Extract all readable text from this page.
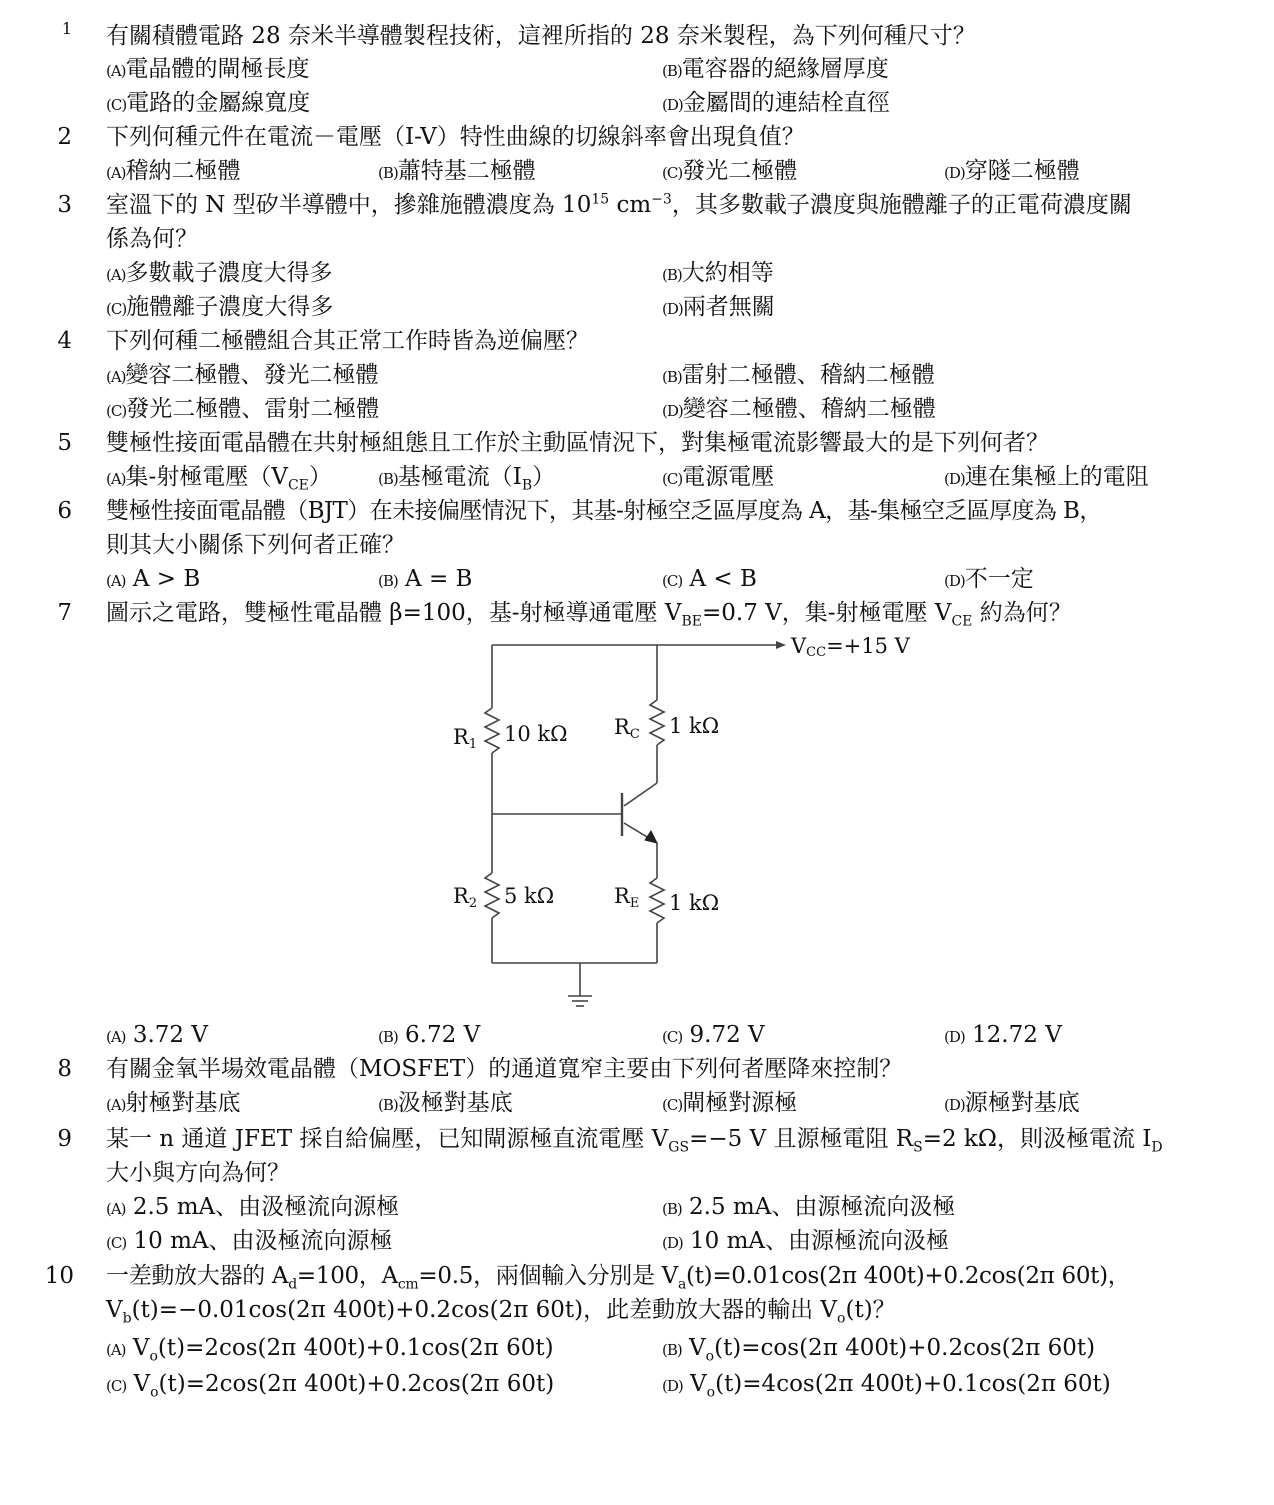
1 有關積體電路 28 奈米半導體製程技術，這裡所指的 28 奈米製程，為下列何種尺寸？
(A)電晶體的閘極長度	(B)電容器的絕緣層厚度
(C)電路的金屬線寬度	(D)金屬間的連結栓直徑
2 下列何種元件在電流－電壓（I-V）特性曲線的切線斜率會出現負值？
(A)稽納二極體	(B)蕭特基二極體	(C)發光二極體	(D)穿隧二極體
3 室溫下的 N 型矽半導體中，摻雜施體濃度為 $10^{15}$ $cm^{-3}$，其多數載子濃度與施體離子的正電荷濃度關
係為何？
(A)多數載子濃度大得多	(B)大約相等
(C)施體離子濃度大得多	(D)兩者無關
4 下列何種二極體組合其正常工作時皆為逆偏壓？
(A)變容二極體、發光二極體	(B)雷射二極體、稽納二極體
(C)發光二極體、雷射二極體	(D)變容二極體、稽納二極體
5 雙極性接面電晶體在共射極組態且工作於主動區情況下，對集極電流影響最大的是下列何者？
(A)集-射極電壓$(V_{CE})$	(B)基極電流$(I_B)$	(C)電源電壓	(D)連在集極上的電阻
6 雙極性接面電晶體（BJT）在未接偏壓情況下，其基-射極空乏區厚度為 A，基-集極空乏區厚度為 B，
則其大小關係下列何者正確？
(A) A > B	(B) A = B	(C) A < B	(D)不一定
7 圖示之電路，雙極性電晶體 β=100，基-射極導通電壓 $V_{BE}=0.7$ V，集-射極電壓 $V_{CE}$ 約為何？
VCC=+15 V
R1 10 kΩ RC 1 kΩ
R2 5 kΩ	RE 1 kΩ
(A) 3.72 V	(B) 6.72 V	(C) 9.72 V	(D) 12.72 V
8 有關金氧半場效電晶體（MOSFET）的通道寬窄主要由下列何者壓降來控制？
(A)射極對基底	(B)汲極對基底	(C)閘極對源極	(D)源極對基底
9 某一 n 通道 JFET 採自給偏壓，已知閘源極直流電壓 $V_{GS}=-5$ V 且源極電阻 $R_S=2$ kΩ，則汲極電流 $I_D$
大小與方向為何？
(A) 2.5 mA、由汲極流向源極	(B) 2.5 mA、由源極流向汲極
(C) 10 mA、由汲極流向源極	(D) 10 mA、由源極流向汲極
10 一差動放大器的 $A_d=100$，$A_{cm}=0.5$，兩個輸入分別是 $V_a(t)=0.01\cos(2\pi$ 400t)+0.2cos(2π 60t)，
$V_b(t)=-0.01\cos(2\pi$ 400t)+0.2cos(2π 60t)，此差動放大器的輸出 $V_o(t)$？
(A) $V_o(t)=2\cos(2\pi$ 400t)+0.1cos(2π 60t)	(B) $V_o(t)=\cos(2\pi$ 400t)+0.2cos(2π 60t)
(C) $V_o(t)=2\cos(2\pi$ 400t)+0.2cos(2π 60t)	(D) $V_o(t)=4\cos(2\pi$ 400t)+0.1cos(2π 60t)
